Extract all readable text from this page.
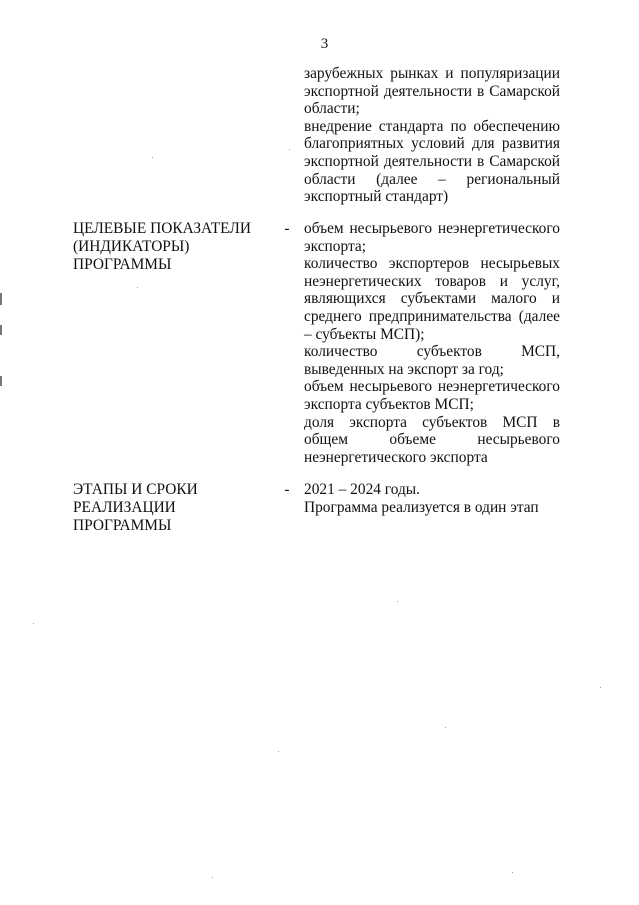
3

зарубежных рынках и популяризации экспортной деятельности в Самарской области;

внедрение стандарта по обеспечению благоприятных условий для развития экспортной деятельности в Самарской области (далее – региональный экспортный стандарт)

ЦЕЛЕВЫЕ ПОКАЗАТЕЛИ
(ИНДИКАТОРЫ)
ПРОГРАММЫ
- объем несырьевого неэнергетического экспорта;

количество экспортеров несырьевых неэнергетических товаров и услуг, являющихся субъектами малого и среднего предпринимательства (далее – субъекты МСП);

количество субъектов МСП, выведенных на экспорт за год;

объем несырьевого неэнергетического экспорта субъектов МСП;

доля экспорта субъектов МСП в общем объеме несырьевого неэнергетического экспорта

ЭТАПЫ И СРОКИ
РЕАЛИЗАЦИИ
ПРОГРАММЫ
- 2021 – 2024 годы.

Программа реализуется в один этап
